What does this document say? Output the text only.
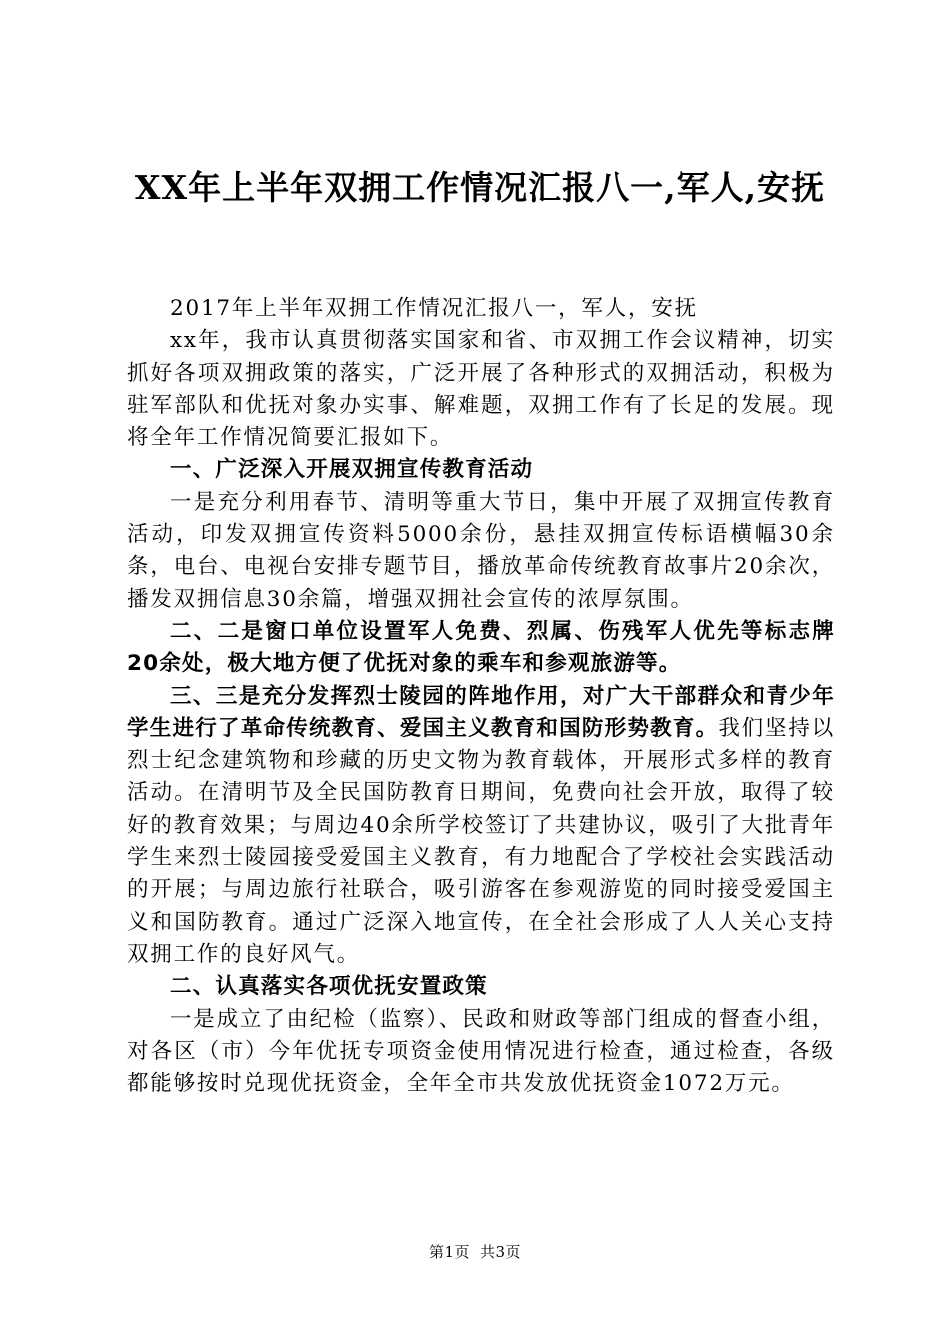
XX年上半年双拥工作情况汇报八一,军人,安抚

2017年上半年双拥工作情况汇报八一，军人，安抚

xx年，我市认真贯彻落实国家和省、市双拥工作会议精神，切实抓好各项双拥政策的落实，广泛开展了各种形式的双拥活动，积极为驻军部队和优抚对象办实事、解难题，双拥工作有了长足的发展。现将全年工作情况简要汇报如下。

一、广泛深入开展双拥宣传教育活动

一是充分利用春节、清明等重大节日，集中开展了双拥宣传教育活动，印发双拥宣传资料5000余份，悬挂双拥宣传标语横幅30余条，电台、电视台安排专题节目，播放革命传统教育故事片20余次，播发双拥信息30余篇，增强双拥社会宣传的浓厚氛围。

二、二是窗口单位设置军人免费、烈属、伤残军人优先等标志牌20余处，极大地方便了优抚对象的乘车和参观旅游等。

三、三是充分发挥烈士陵园的阵地作用，对广大干部群众和青少年学生进行了革命传统教育、爱国主义教育和国防形势教育。我们坚持以烈士纪念建筑物和珍藏的历史文物为教育载体，开展形式多样的教育活动。在清明节及全民国防教育日期间，免费向社会开放，取得了较好的教育效果；与周边40余所学校签订了共建协议，吸引了大批青年学生来烈士陵园接受爱国主义教育，有力地配合了学校社会实践活动的开展；与周边旅行社联合，吸引游客在参观游览的同时接受爱国主义和国防教育。通过广泛深入地宣传，在全社会形成了人人关心支持双拥工作的良好风气。

二、认真落实各项优抚安置政策

一是成立了由纪检（监察）、民政和财政等部门组成的督查小组，对各区（市）今年优抚专项资金使用情况进行检查，通过检查，各级都能够按时兑现优抚资金，全年全市共发放优抚资金1072万元。

第1页 共3页
